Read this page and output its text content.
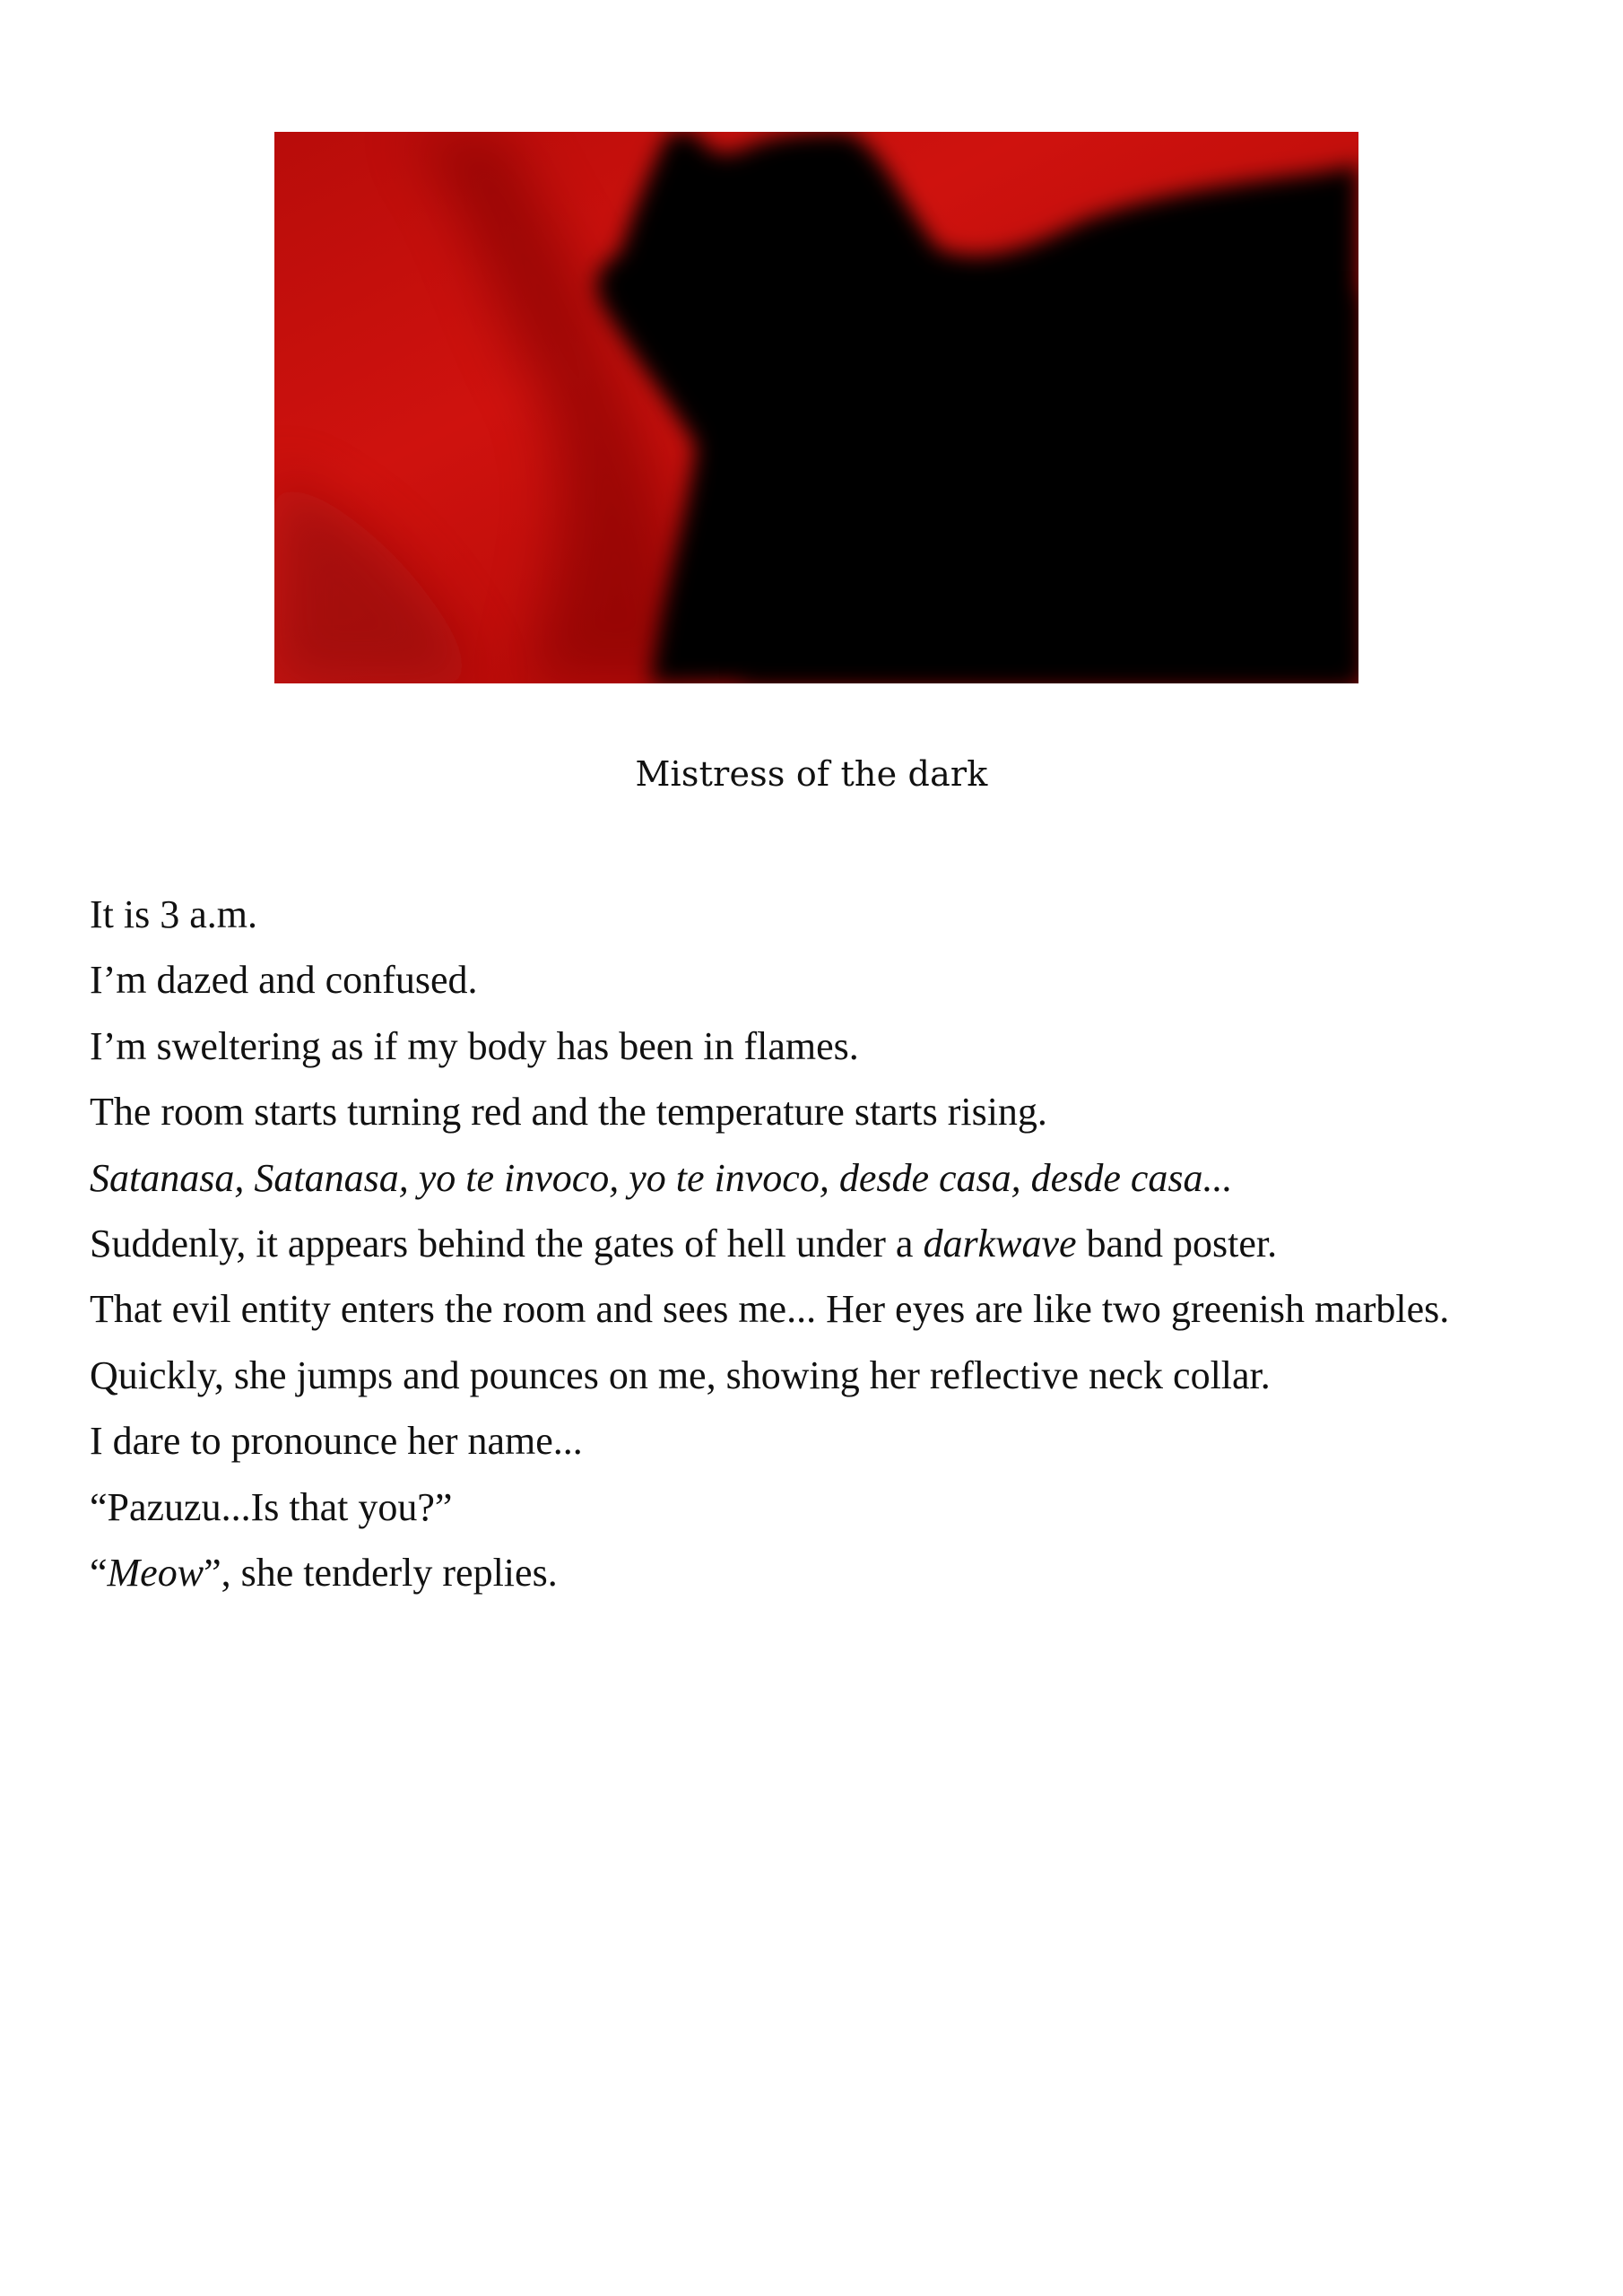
Mistress of the dark
It is 3 a.m.
I’m dazed and confused.
I’m sweltering as if my body has been in flames.
The room starts turning red and the temperature starts rising.
Satanasa, Satanasa, yo te invoco, yo te invoco, desde casa, desde casa...
Suddenly, it appears behind the gates of hell under a darkwave band poster.
That evil entity enters the room and sees me... Her eyes are like two greenish marbles.
Quickly, she jumps and pounces on me, showing her reflective neck collar.
I dare to pronounce her name...
“Pazuzu...Is that you?”
“Meow”, she tenderly replies.
